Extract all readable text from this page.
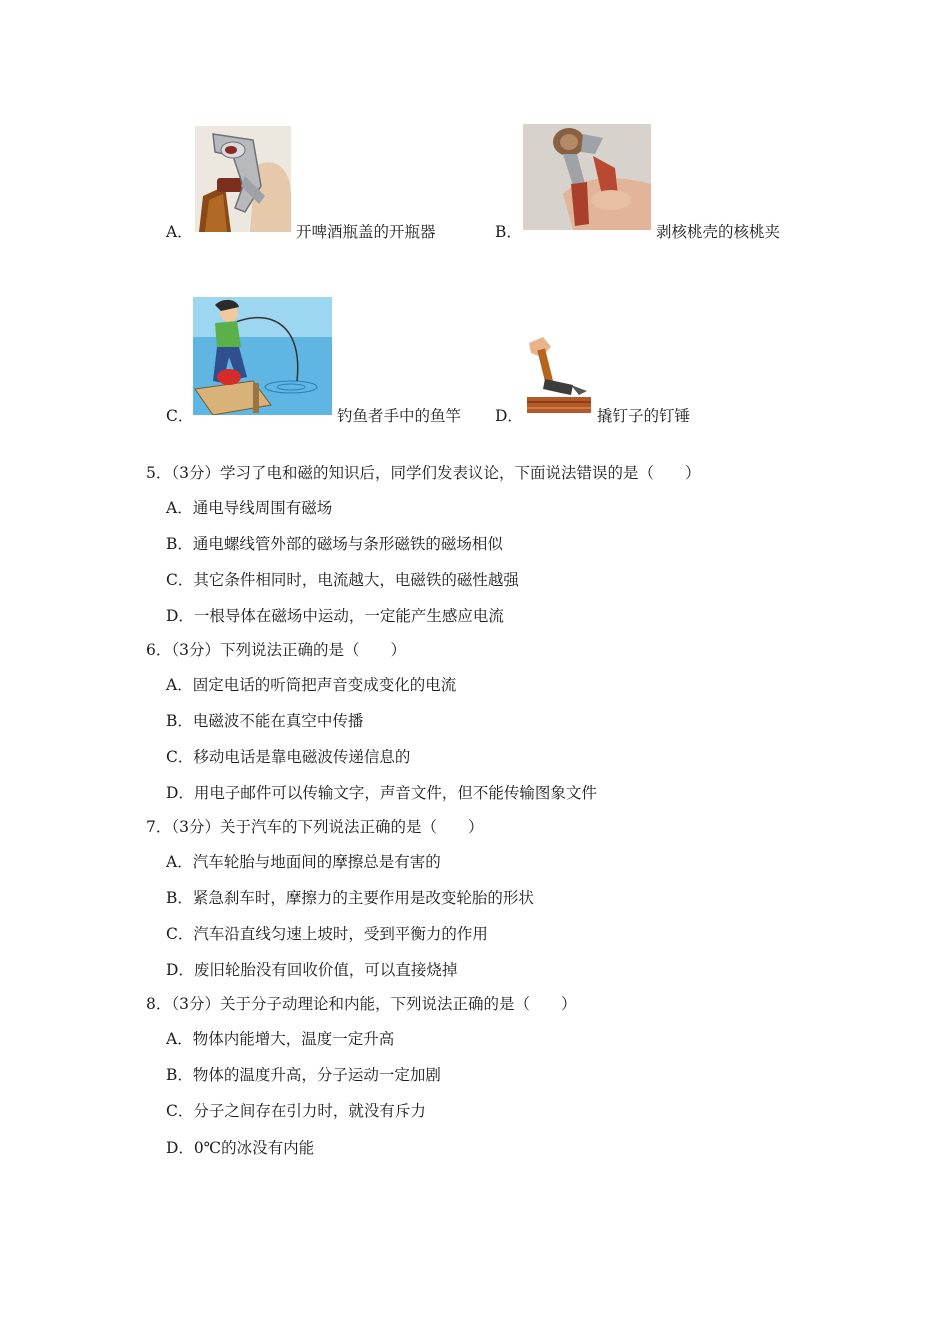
A．	开啤酒瓶盖的开瓶器	B．	剥核桃壳的核桃夹
C．	钓鱼者手中的鱼竿 D．	撬钉子的钉锤
5．（3分）学习了电和磁的知识后，同学们发表议论，下面说法错误的是（　　）
A．通电导线周围有磁场
B．通电螺线管外部的磁场与条形磁铁的磁场相似
C．其它条件相同时，电流越大，电磁铁的磁性越强
D．一根导体在磁场中运动，一定能产生感应电流
6．（3分）下列说法正确的是（　　）
A．固定电话的听筒把声音变成变化的电流
B．电磁波不能在真空中传播
C．移动电话是靠电磁波传递信息的
D．用电子邮件可以传输文字，声音文件，但不能传输图象文件
7．（3分）关于汽车的下列说法正确的是（　　）
A．汽车轮胎与地面间的摩擦总是有害的
B．紧急刹车时，摩擦力的主要作用是改变轮胎的形状
C．汽车沿直线匀速上坡时，受到平衡力的作用
D．废旧轮胎没有回收价值，可以直接烧掉
8．（3分）关于分子动理论和内能，下列说法正确的是（　　）
A．物体内能增大，温度一定升高
B．物体的温度升高，分子运动一定加剧
C．分子之间存在引力时，就没有斥力
D．0℃的冰没有内能
